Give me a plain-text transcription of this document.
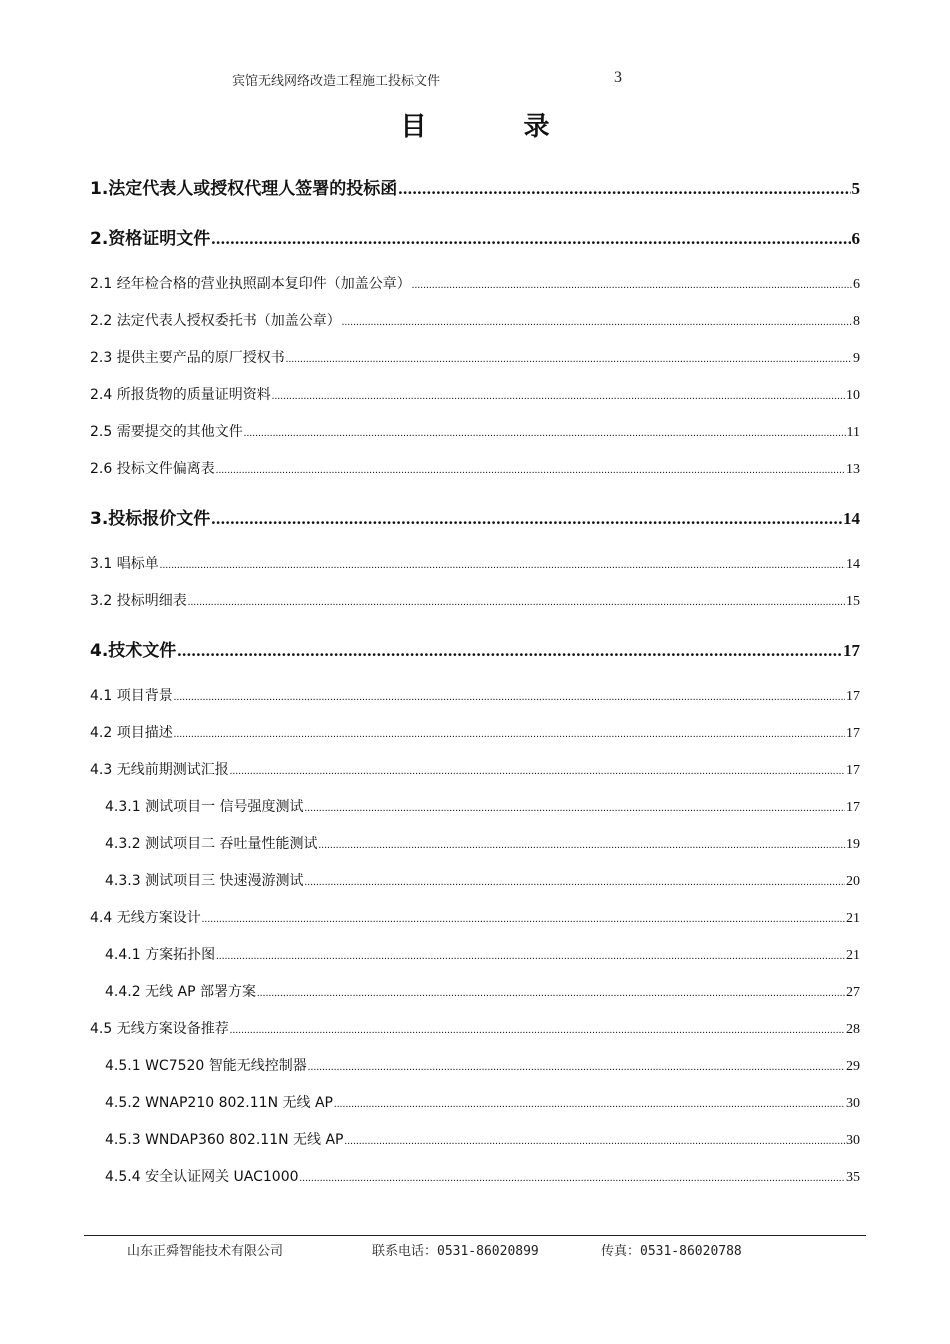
宾馆无线网络改造工程施工投标文件	3
目 录
1.法定代表人或授权代理人签署的投标函 .....	5
2.资格证明文件 .....	6
2.1 经年检合格的营业执照副本复印件（加盖公章） .....	6
2.2 法定代表人授权委托书（加盖公章） .....	8
2.3 提供主要产品的原厂授权书 .....	9
2.4 所报货物的质量证明资料 .....	10
2.5 需要提交的其他文件 .....	11
2.6 投标文件偏离表 .....	13
3.投标报价文件 .....	14
3.1 唱标单 .....	14
3.2 投标明细表 .....	15
4.技术文件 .....	17
4.1 项目背景 .....	17
4.2 项目描述 .....	17
4.3 无线前期测试汇报 .....	17
4.3.1 测试项目一 信号强度测试 .....	17
4.3.2 测试项目二 吞吐量性能测试 .....	19
4.3.3 测试项目三 快速漫游测试 .....	20
4.4 无线方案设计 .....	21
4.4.1 方案拓扑图 .....	21
4.4.2 无线 AP 部署方案 .....	27
4.5 无线方案设备推荐 .....	28
4.5.1 WC7520 智能无线控制器 .....	29
4.5.2 WNAP210 802.11N 无线 AP .....	30
4.5.3 WNDAP360 802.11N 无线 AP .....	30
4.5.4 安全认证网关 UAC1000 .....	35
山东正舜智能技术有限公司	联系电话：0531-86020899	传真：0531-86020788
